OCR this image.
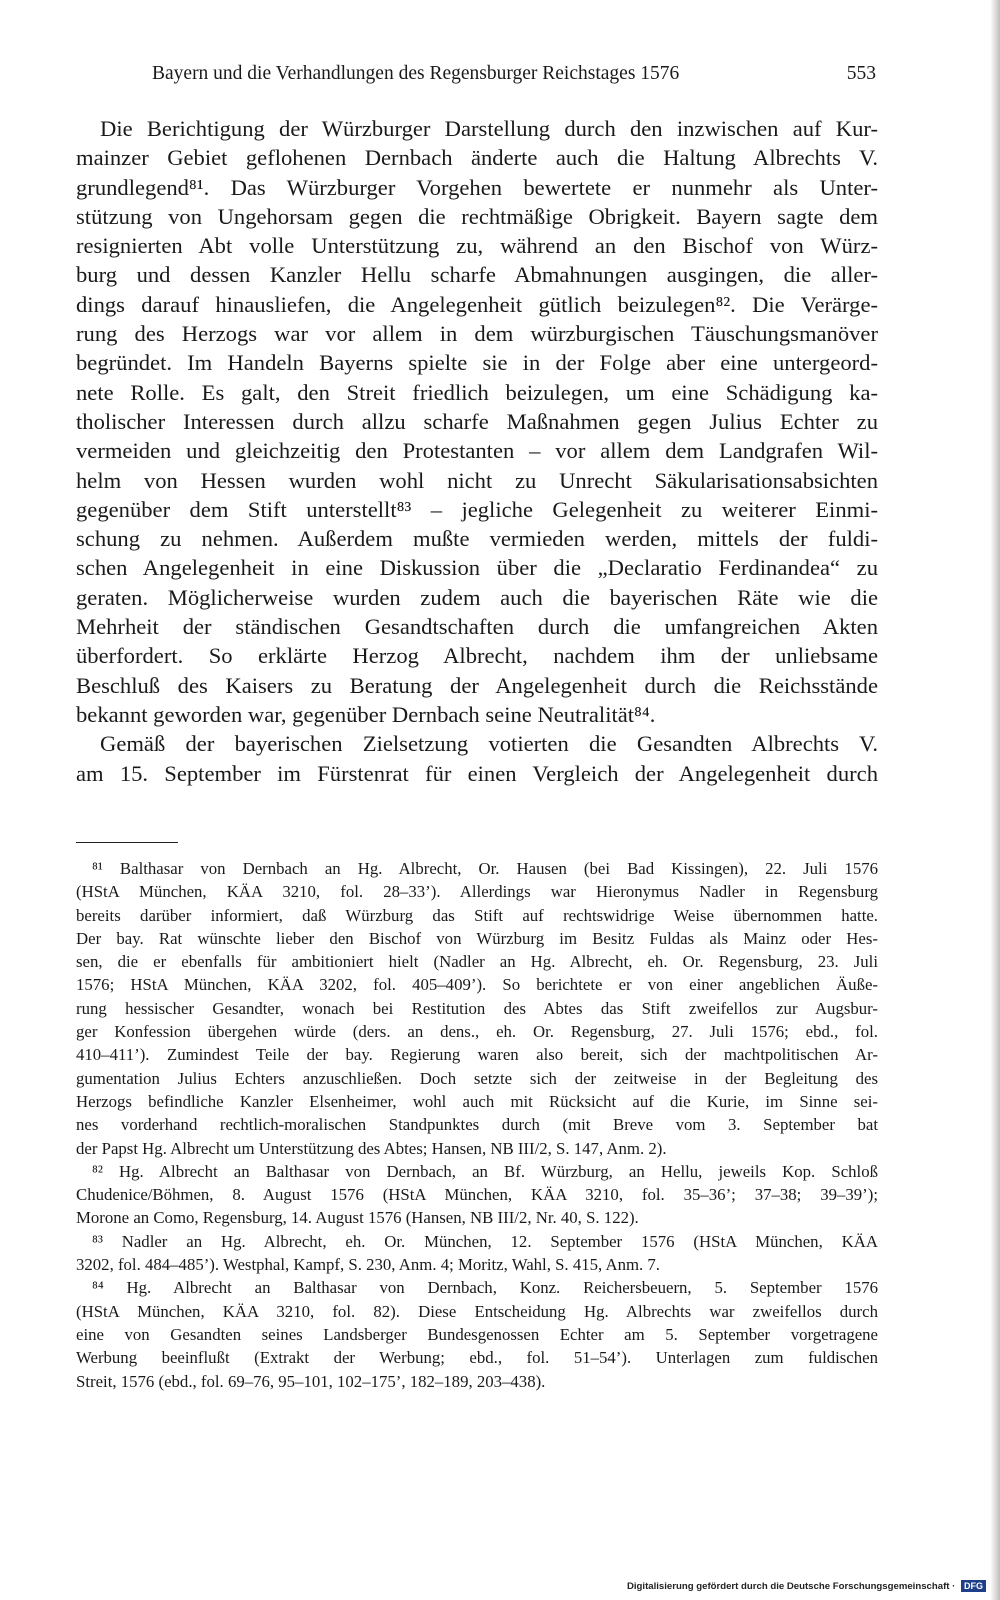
Bayern und die Verhandlungen des Regensburger Reichstages 1576	553
Die Berichtigung der Würzburger Darstellung durch den inzwischen auf Kur-
mainzer Gebiet geflohenen Dernbach änderte auch die Haltung Albrechts V.
grundlegend⁸¹. Das Würzburger Vorgehen bewertete er nunmehr als Unter-
stützung von Ungehorsam gegen die rechtmäßige Obrigkeit. Bayern sagte dem
resignierten Abt volle Unterstützung zu, während an den Bischof von Würz-
burg und dessen Kanzler Hellu scharfe Abmahnungen ausgingen, die aller-
dings darauf hinausliefen, die Angelegenheit gütlich beizulegen⁸². Die Verärge-
rung des Herzogs war vor allem in dem würzburgischen Täuschungsmanöver
begründet. Im Handeln Bayerns spielte sie in der Folge aber eine untergeord-
nete Rolle. Es galt, den Streit friedlich beizulegen, um eine Schädigung ka-
tholischer Interessen durch allzu scharfe Maßnahmen gegen Julius Echter zu
vermeiden und gleichzeitig den Protestanten – vor allem dem Landgrafen Wil-
helm von Hessen wurden wohl nicht zu Unrecht Säkularisationsabsichten
gegenüber dem Stift unterstellt⁸³ – jegliche Gelegenheit zu weiterer Einmi-
schung zu nehmen. Außerdem mußte vermieden werden, mittels der fuldi-
schen Angelegenheit in eine Diskussion über die „Declaratio Ferdinandea“ zu
geraten. Möglicherweise wurden zudem auch die bayerischen Räte wie die
Mehrheit der ständischen Gesandtschaften durch die umfangreichen Akten
überfordert. So erklärte Herzog Albrecht, nachdem ihm der unliebsame
Beschluß des Kaisers zu Beratung der Angelegenheit durch die Reichsstände
bekannt geworden war, gegenüber Dernbach seine Neutralität⁸⁴.
Gemäß der bayerischen Zielsetzung votierten die Gesandten Albrechts V.
am 15. September im Fürstenrat für einen Vergleich der Angelegenheit durch
⁸¹ Balthasar von Dernbach an Hg. Albrecht, Or. Hausen (bei Bad Kissingen), 22. Juli 1576
(HStA München, KÄA 3210, fol. 28–33’). Allerdings war Hieronymus Nadler in Regensburg
bereits darüber informiert, daß Würzburg das Stift auf rechtswidrige Weise übernommen hatte.
Der bay. Rat wünschte lieber den Bischof von Würzburg im Besitz Fuldas als Mainz oder Hes-
sen, die er ebenfalls für ambitioniert hielt (Nadler an Hg. Albrecht, eh. Or. Regensburg, 23. Juli
1576; HStA München, KÄA 3202, fol. 405–409’). So berichtete er von einer angeblichen Äuße-
rung hessischer Gesandter, wonach bei Restitution des Abtes das Stift zweifellos zur Augsbur-
ger Konfession übergehen würde (ders. an dens., eh. Or. Regensburg, 27. Juli 1576; ebd., fol.
410–411’). Zumindest Teile der bay. Regierung waren also bereit, sich der machtpolitischen Ar-
gumentation Julius Echters anzuschließen. Doch setzte sich der zeitweise in der Begleitung des
Herzogs befindliche Kanzler Elsenheimer, wohl auch mit Rücksicht auf die Kurie, im Sinne sei-
nes vorderhand rechtlich-moralischen Standpunktes durch (mit Breve vom 3. September bat
der Papst Hg. Albrecht um Unterstützung des Abtes; Hansen, NB III/2, S. 147, Anm. 2).
⁸² Hg. Albrecht an Balthasar von Dernbach, an Bf. Würzburg, an Hellu, jeweils Kop. Schloß
Chudenice/Böhmen, 8. August 1576 (HStA München, KÄA 3210, fol. 35–36’; 37–38; 39–39’);
Morone an Como, Regensburg, 14. August 1576 (Hansen, NB III/2, Nr. 40, S. 122).
⁸³ Nadler an Hg. Albrecht, eh. Or. München, 12. September 1576 (HStA München, KÄA
3202, fol. 484–485’). Westphal, Kampf, S. 230, Anm. 4; Moritz, Wahl, S. 415, Anm. 7.
⁸⁴ Hg. Albrecht an Balthasar von Dernbach, Konz. Reichersbeuern, 5. September 1576
(HStA München, KÄA 3210, fol. 82). Diese Entscheidung Hg. Albrechts war zweifellos durch
eine von Gesandten seines Landsberger Bundesgenossen Echter am 5. September vorgetragene
Werbung beeinflußt (Extrakt der Werbung; ebd., fol. 51–54’). Unterlagen zum fuldischen
Streit, 1576 (ebd., fol. 69–76, 95–101, 102–175’, 182–189, 203–438).
Digitalisierung gefördert durch die Deutsche Forschungsgemeinschaft · DFG
